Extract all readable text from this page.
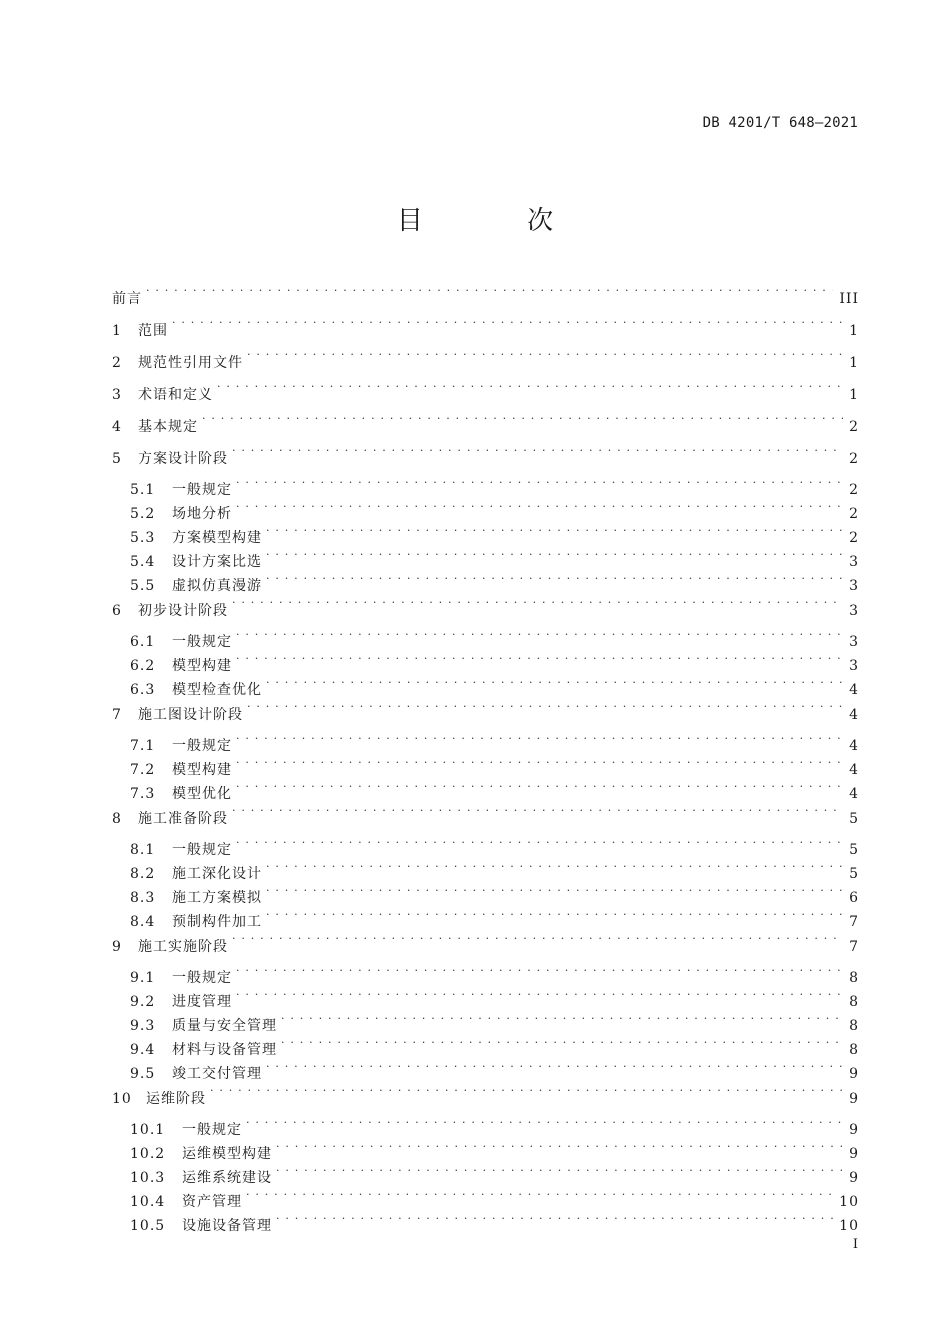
DB 4201/T 648—2021
目 次
前言 . . .	III
1	范围 . . .	1
2	规范性引用文件 . . .	1
3	术语和定义 . . .	1
4	基本规定 . . .	2
5	方案设计阶段 . . .	2
5.1	一般规定 . . .	2
5.2	场地分析 . . .	2
5.3	方案模型构建 . . .	2
5.4	设计方案比选 . . .	3
5.5	虚拟仿真漫游 . . .	3
6	初步设计阶段 . . .	3
6.1	一般规定 . . .	3
6.2	模型构建 . . .	3
6.3	模型检查优化 . . .	4
7	施工图设计阶段 . . .	4
7.1	一般规定 . . .	4
7.2	模型构建 . . .	4
7.3	模型优化 . . .	4
8	施工准备阶段 . . .	5
8.1	一般规定 . . .	5
8.2	施工深化设计 . . .	5
8.3	施工方案模拟 . . .	6
8.4	预制构件加工 . . .	7
9	施工实施阶段 . . .	7
9.1	一般规定 . . .	8
9.2	进度管理 . . .	8
9.3	质量与安全管理 . . .	8
9.4	材料与设备管理 . . .	8
9.5	竣工交付管理 . . .	9
10	运维阶段 . . .	9
10.1	一般规定 . . .	9
10.2	运维模型构建 . . .	9
10.3	运维系统建设 . . .	9
10.4	资产管理 . . .	10
10.5	设施设备管理 . . .	10
I
